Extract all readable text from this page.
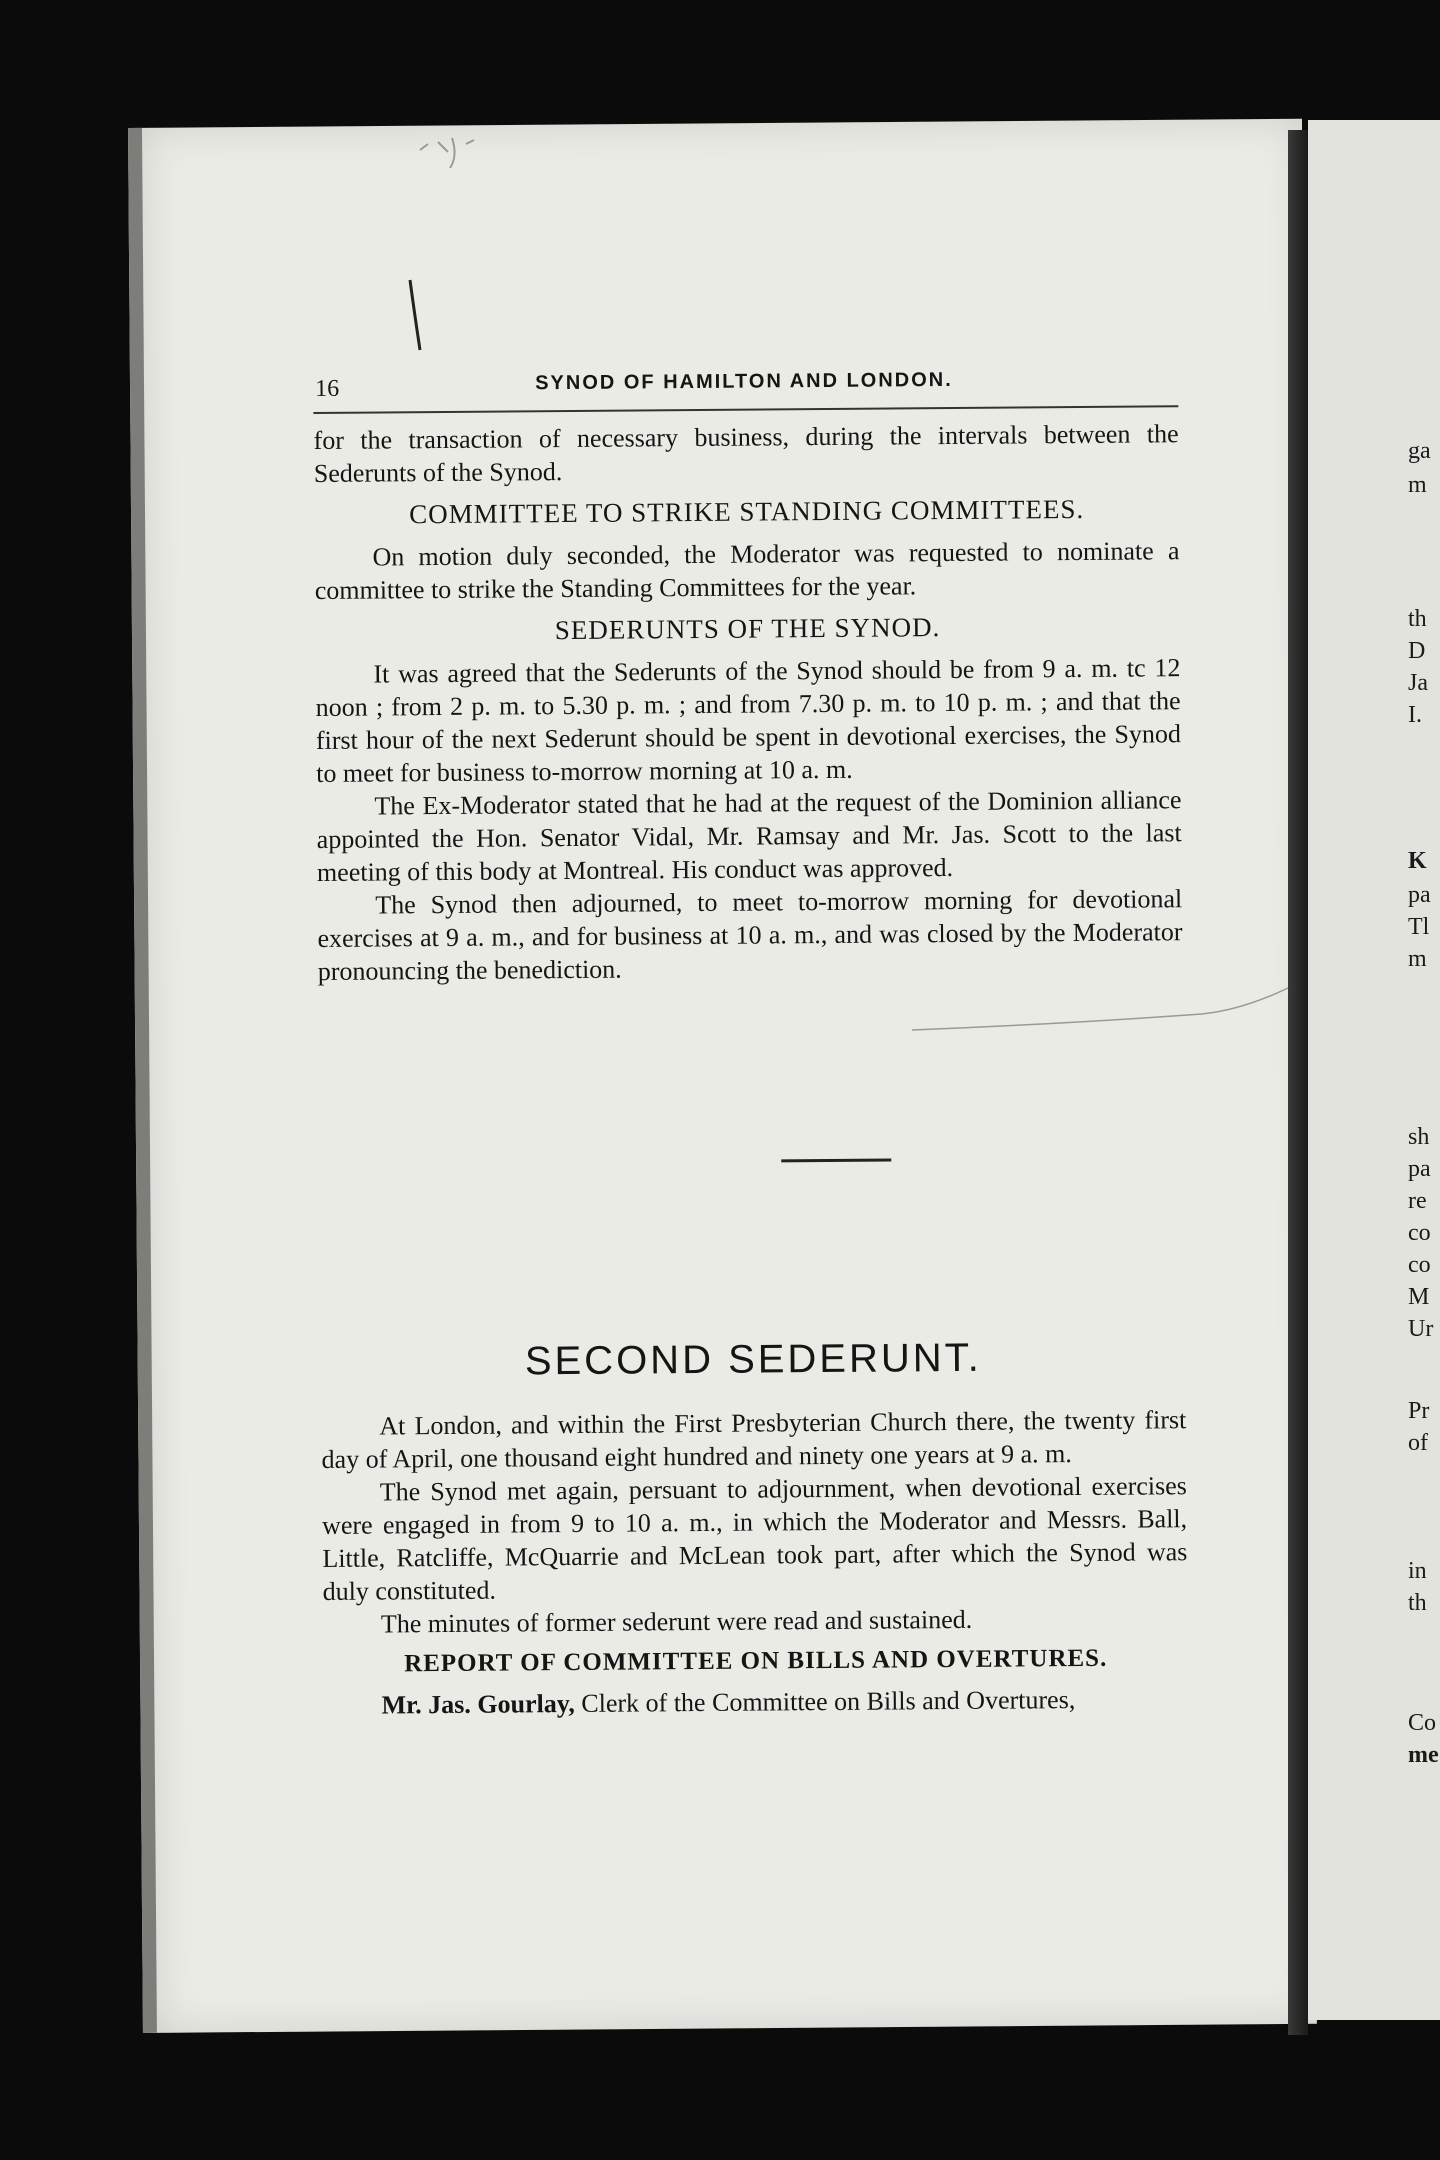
ga
m
th
D
Ja
I.
K
pa
Tl
m
sh
pa
re
co
co
M
Ur
Pr
of
in
th
Co
me
16	SYNOD OF HAMILTON AND LONDON.

for the transaction of necessary business, during the intervals between the Sederunts of the Synod.

COMMITTEE TO STRIKE STANDING COMMITTEES.

On motion duly seconded, the Moderator was requested to nominate a committee to strike the Standing Committees for the year.

SEDERUNTS OF THE SYNOD.

It was agreed that the Sederunts of the Synod should be from 9 a. m. tc 12 noon ; from 2 p. m. to 5.30 p. m. ; and from 7.30 p. m. to 10 p. m. ; and that the first hour of the next Sederunt should be spent in devotional exercises, the Synod to meet for business to-morrow morning at 10 a. m.

The Ex-Moderator stated that he had at the request of the Dominion alliance appointed the Hon. Senator Vidal, Mr. Ramsay and Mr. Jas. Scott to the last meeting of this body at Montreal. His conduct was approved.

The Synod then adjourned, to meet to-morrow morning for devotional exercises at 9 a. m., and for business at 10 a. m., and was closed by the Moderator pronouncing the benediction.

SECOND SEDERUNT.

At London, and within the First Presbyterian Church there, the twenty first day of April, one thousand eight hundred and ninety one years at 9 a. m.

The Synod met again, persuant to adjournment, when devotional exercises were engaged in from 9 to 10 a. m., in which the Moderator and Messrs. Ball, Little, Ratcliffe, McQuarrie and McLean took part, after which the Synod was duly constituted.

The minutes of former sederunt were read and sustained.

REPORT OF COMMITTEE ON BILLS AND OVERTURES.

Mr. Jas. Gourlay, Clerk of the Committee on Bills and Overtures,
